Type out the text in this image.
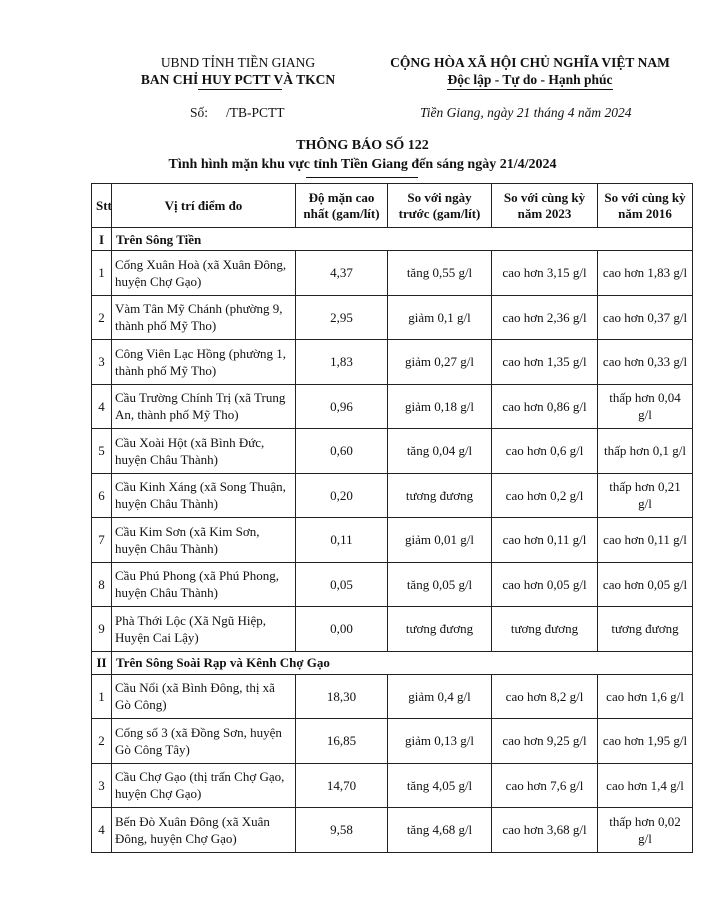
UBND TỈNH TIỀN GIANG
BAN CHỈ HUY PCTT VÀ TKCN
CỘNG HÒA XÃ HỘI CHỦ NGHĨA VIỆT NAM
Độc lập - Tự do - Hạnh phúc
Số: /TB-PCTT	Tiền Giang, ngày 21 tháng 4 năm 2024
THÔNG BÁO SỐ 122
Tình hình mặn khu vực tỉnh Tiền Giang đến sáng ngày 21/4/2024
Stt	Vị trí điểm đo	Độ mặn cao nhất (gam/lít)	So với ngày trước (gam/lít)	So với cùng kỳ năm 2023	So với cùng kỳ năm 2016
I	Trên Sông Tiền				
1	Cống Xuân Hoà (xã Xuân Đông, huyện Chợ Gạo)	4,37	tăng 0,55 g/l	cao hơn 3,15 g/l	cao hơn 1,83 g/l
2	Vàm Tân Mỹ Chánh (phường 9, thành phố Mỹ Tho)	2,95	giảm 0,1 g/l	cao hơn 2,36 g/l	cao hơn 0,37 g/l
3	Công Viên Lạc Hồng (phường 1, thành phố Mỹ Tho)	1,83	giảm 0,27 g/l	cao hơn 1,35 g/l	cao hơn 0,33 g/l
4	Cầu Trường Chính Trị (xã Trung An, thành phố Mỹ Tho)	0,96	giảm 0,18 g/l	cao hơn 0,86 g/l	thấp hơn 0,04 g/l
5	Cầu Xoài Hột (xã Bình Đức, huyện Châu Thành)	0,60	tăng 0,04 g/l	cao hơn 0,6 g/l	thấp hơn 0,1 g/l
6	Cầu Kinh Xáng (xã Song Thuận, huyện Châu Thành)	0,20	tương đương	cao hơn 0,2 g/l	thấp hơn 0,21 g/l
7	Cầu Kim Sơn (xã Kim Sơn, huyện Châu Thành)	0,11	giảm 0,01 g/l	cao hơn 0,11 g/l	cao hơn 0,11 g/l
8	Cầu Phú Phong (xã Phú Phong, huyện Châu Thành)	0,05	tăng 0,05 g/l	cao hơn 0,05 g/l	cao hơn 0,05 g/l
9	Phà Thới Lộc (Xã Ngũ Hiệp, Huyện Cai Lậy)	0,00	tương đương	tương đương	tương đương
II	Trên Sông Soài Rạp và Kênh Chợ Gạo				
1	Cầu Nổi (xã Bình Đông, thị xã Gò Công)	18,30	giảm 0,4 g/l	cao hơn 8,2 g/l	cao hơn 1,6 g/l
2	Cống số 3 (xã Đồng Sơn, huyện Gò Công Tây)	16,85	giảm 0,13 g/l	cao hơn 9,25 g/l	cao hơn 1,95 g/l
3	Cầu Chợ Gạo (thị trấn Chợ Gạo, huyện Chợ Gạo)	14,70	tăng 4,05 g/l	cao hơn 7,6 g/l	cao hơn 1,4 g/l
4	Bến Đò Xuân Đông (xã Xuân Đông, huyện Chợ Gạo)	9,58	tăng 4,68 g/l	cao hơn 3,68 g/l	thấp hơn 0,02 g/l
